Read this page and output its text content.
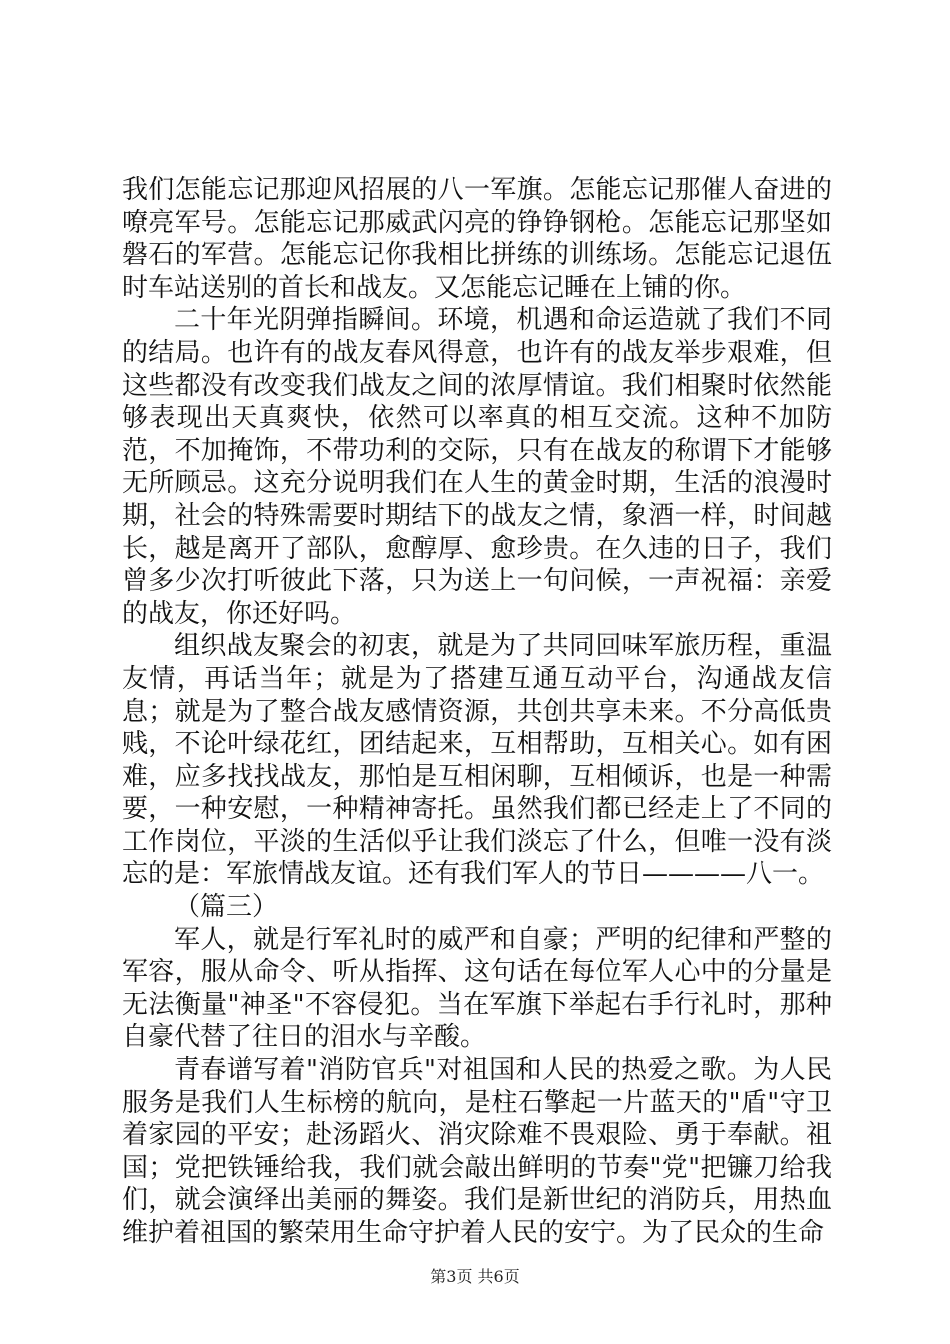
我们怎能忘记那迎风招展的八一军旗。怎能忘记那催人奋进的嘹亮军号。怎能忘记那威武闪亮的铮铮钢枪。怎能忘记那坚如磐石的军营。怎能忘记你我相比拼练的训练场。怎能忘记退伍时车站送别的首长和战友。又怎能忘记睡在上铺的你。

二十年光阴弹指瞬间。环境，机遇和命运造就了我们不同的结局。也许有的战友春风得意，也许有的战友举步艰难，但这些都没有改变我们战友之间的浓厚情谊。我们相聚时依然能够表现出天真爽快，依然可以率真的相互交流。这种不加防范，不加掩饰，不带功利的交际，只有在战友的称谓下才能够无所顾忌。这充分说明我们在人生的黄金时期，生活的浪漫时期，社会的特殊需要时期结下的战友之情，象酒一样，时间越长，越是离开了部队，愈醇厚、愈珍贵。在久违的日子，我们曾多少次打听彼此下落，只为送上一句问候，一声祝福：亲爱的战友，你还好吗。

组织战友聚会的初衷，就是为了共同回味军旅历程，重温友情，再话当年；就是为了搭建互通互动平台，沟通战友信息；就是为了整合战友感情资源，共创共享未来。不分高低贵贱，不论叶绿花红，团结起来，互相帮助，互相关心。如有困难，应多找找战友，那怕是互相闲聊，互相倾诉，也是一种需要，一种安慰，一种精神寄托。虽然我们都已经走上了不同的工作岗位，平淡的生活似乎让我们淡忘了什么，但唯一没有淡忘的是：军旅情战友谊。还有我们军人的节日————八一。

（篇三）

军人，就是行军礼时的威严和自豪；严明的纪律和严整的军容，服从命令、听从指挥、这句话在每位军人心中的分量是无法衡量"神圣"不容侵犯。当在军旗下举起右手行礼时，那种自豪代替了往日的泪水与辛酸。

青春谱写着"消防官兵"对祖国和人民的热爱之歌。为人民服务是我们人生标榜的航向，是柱石擎起一片蓝天的"盾"守卫着家园的平安；赴汤蹈火、消灾除难不畏艰险、勇于奉献。祖国；党把铁锤给我，我们就会敲出鲜明的节奏"党"把镰刀给我们，就会演绎出美丽的舞姿。我们是新世纪的消防兵，用热血维护着祖国的繁荣用生命守护着人民的安宁。为了民众的生命

第3页 共6页
